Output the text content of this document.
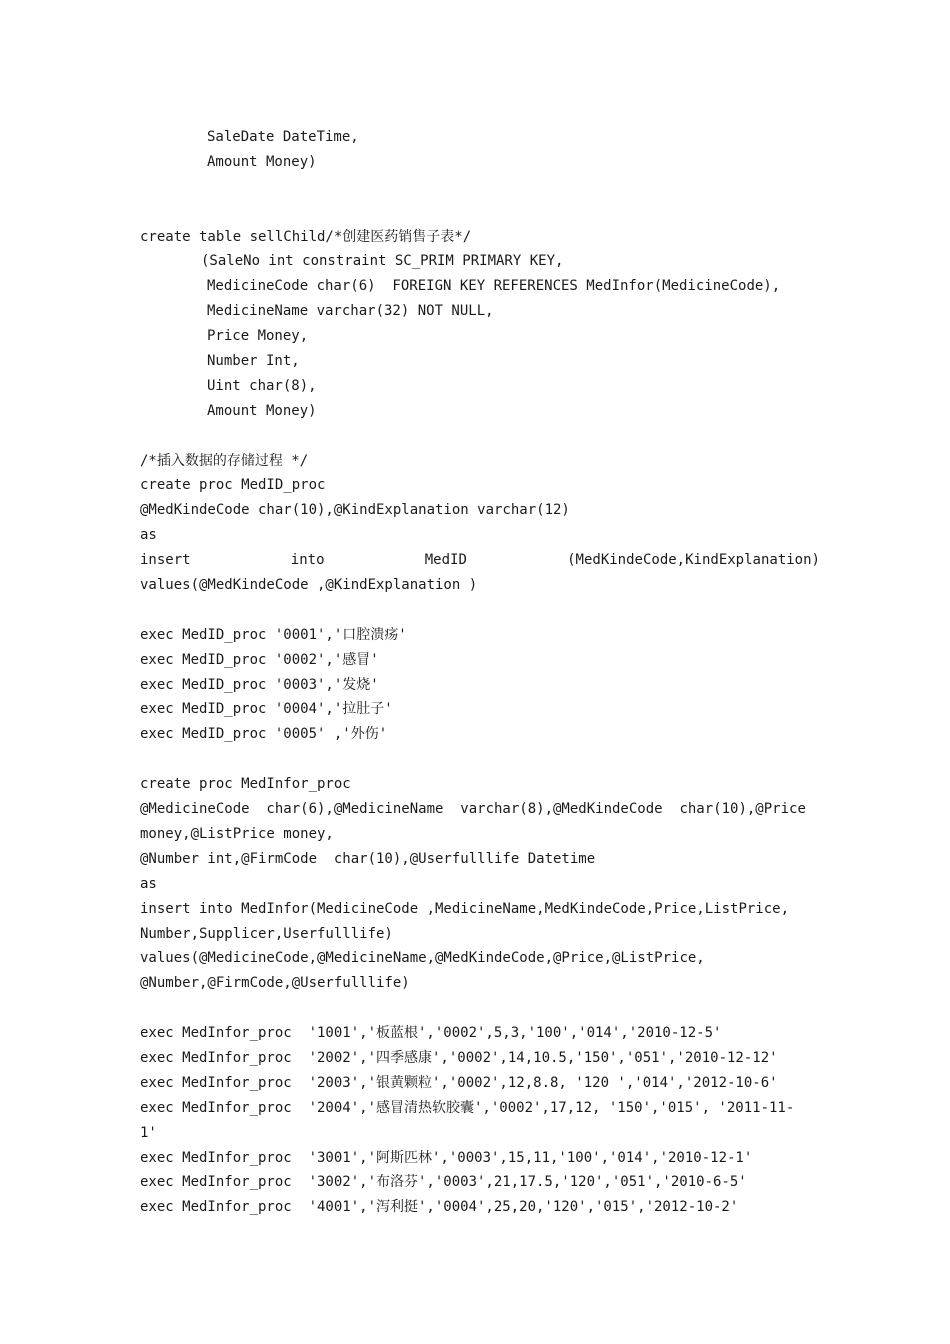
SaleDate DateTime,
Amount Money)
create table sellChild/*创建医药销售子表*/
(SaleNo int constraint SC_PRIM PRIMARY KEY,
MedicineCode char(6)  FOREIGN KEY REFERENCES MedInfor(MedicineCode),
MedicineName varchar(32) NOT NULL,
Price Money,
Number Int,
Uint char(8),
Amount Money)
/*插入数据的存储过程 */
create proc MedID_proc
@MedKindeCode char(10),@KindExplanation varchar(12)
as
insert	into	MedID	(MedKindeCode,KindExplanation)
values(@MedKindeCode ,@KindExplanation )
exec MedID_proc '0001','口腔溃疡'
exec MedID_proc '0002','感冒'
exec MedID_proc '0003','发烧'
exec MedID_proc '0004','拉肚子'
exec MedID_proc '0005' ,'外伤'
create proc MedInfor_proc
@MedicineCode  char(6),@MedicineName  varchar(8),@MedKindeCode  char(10),@Price
money,@ListPrice money,
@Number int,@FirmCode  char(10),@Userfulllife Datetime
as
insert into MedInfor(MedicineCode ,MedicineName,MedKindeCode,Price,ListPrice,
Number,Supplicer,Userfulllife)
values(@MedicineCode,@MedicineName,@MedKindeCode,@Price,@ListPrice,
@Number,@FirmCode,@Userfulllife)
exec MedInfor_proc  '1001','板蓝根','0002',5,3,'100','014','2010-12-5'
exec MedInfor_proc  '2002','四季感康','0002',14,10.5,'150','051','2010-12-12'
exec MedInfor_proc  '2003','银黄颗粒','0002',12,8.8, '120 ','014','2012-10-6'
exec MedInfor_proc  '2004','感冒清热软胶囊','0002',17,12, '150','015', '2011-11-
1'
exec MedInfor_proc  '3001','阿斯匹林','0003',15,11,'100','014','2010-12-1'
exec MedInfor_proc  '3002','布洛芬','0003',21,17.5,'120','051','2010-6-5'
exec MedInfor_proc  '4001','泻利挺','0004',25,20,'120','015','2012-10-2'
